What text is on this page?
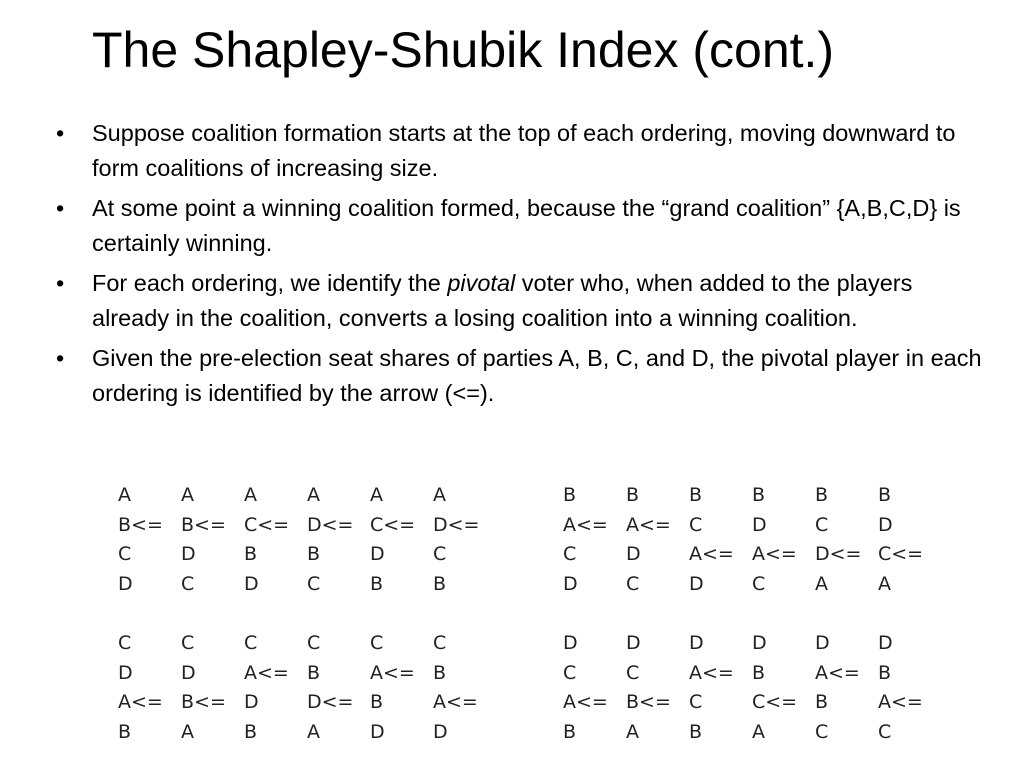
The Shapley-Shubik Index (cont.)
• Suppose coalition formation starts at the top of each ordering, moving downward to form coalitions of increasing size.
• At some point a winning coalition formed, because the “grand coalition” {A,B,C,D} is certainly winning.
• For each ordering, we identify the pivotal voter who, when added to the players already in the coalition, converts a losing coalition into a winning coalition.
• Given the pre-election seat shares of parties A, B, C, and D, the pivotal player in each ordering is identified by the arrow (<=).
A	A	A	A	A	A
B<= B<= C<= D<= C<= D<=
C	D	B	B	D	C
D	C	D	C	B	B
C	C	C	C	C	C
D	D	A<= B	A<= B
A<= B<= D	D<= B	A<=
B	A	B	A	D	D
B	B	B	B	B	B
A<= A<= C	D	C	D
C	D	A<= A<= D<= C<=
D	C	D	C	A	A
D	D	D	D	D	D
C	C	A<= B	A<= B
A<= B<= C	C<= B	A<=
B	A	B	A	C	C
